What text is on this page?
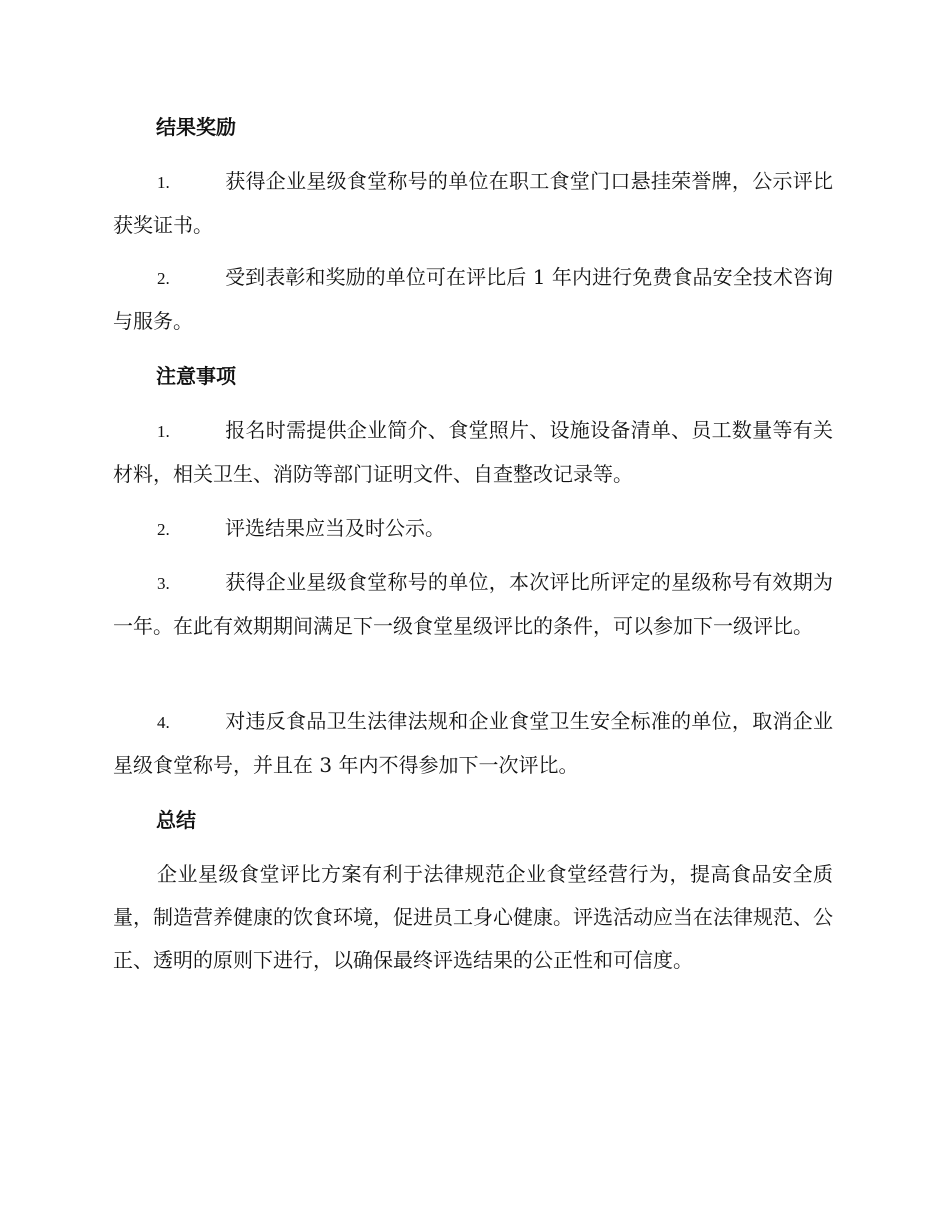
结果奖励
1.	获得企业星级食堂称号的单位在职工食堂门口悬挂荣誉牌，公示评比获奖证书。
2.	受到表彰和奖励的单位可在评比后 1 年内进行免费食品安全技术咨询与服务。
注意事项
1.	报名时需提供企业简介、食堂照片、设施设备清单、员工数量等有关材料，相关卫生、消防等部门证明文件、自查整改记录等。
2.	评选结果应当及时公示。
3.	获得企业星级食堂称号的单位，本次评比所评定的星级称号有效期为一年。在此有效期期间满足下一级食堂星级评比的条件，可以参加下一级评比。
4.	对违反食品卫生法律法规和企业食堂卫生安全标准的单位，取消企业星级食堂称号，并且在 3 年内不得参加下一次评比。
总结
企业星级食堂评比方案有利于法律规范企业食堂经营行为，提高食品安全质量，制造营养健康的饮食环境，促进员工身心健康。评选活动应当在法律规范、公正、透明的原则下进行，以确保最终评选结果的公正性和可信度。
